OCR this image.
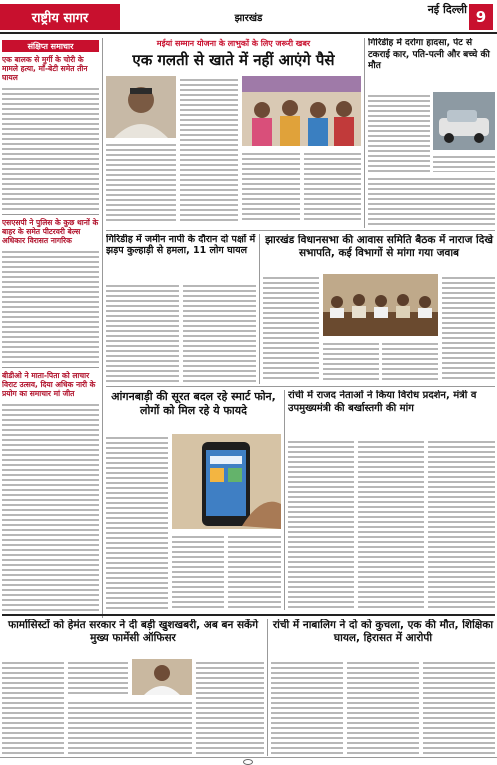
राष्ट्रीय सागर	झारखंड
नई दिल्ली 9
संक्षिप्त समाचार
एक बालक से मुर्गी के चोरी के मामले हत्या, माँ-बेटी समेत तीन घायल
एसएसपी ने पुलिस के कुछ थानों के बाहर के समेत पीटरवरी बेल्स अधिकार विरासत नागरिक
बीडीओ ने माता-पिता को लाचार विराट उत्सव, दिया अधिक नारी के प्रयोग का समाचार मां जीत
मईयां सम्मान योजना के लाभुकों के लिए जरूरी खबर
एक गलती से खाते में नहीं आएंगे पैसे
गिरिडीह में दरोगा हादसा, पेट से टकराई कार, पति-पत्नी और बच्चे की मौत
गिरिडीह में जमीन नापी के दौरान दो पक्षों में झड़प कुल्हाड़ी से हमला, 11 लोग घायल
झारखंड विधानसभा की आवास समिति बैठक में नाराज दिखे सभापति, कई विभागों से मांगा गया जवाब
आंगनबाड़ी की सूरत बदल रहे स्मार्ट फोन, लोगों को मिल रहे ये फायदे
रांची में राजद नेताओं ने किया विरोध प्रदर्शन, मंत्री व उपमुख्यमंत्री की बर्खास्तगी की मांग
फार्मासिस्टों को हेमंत सरकार ने दी बड़ी खुशखबरी, अब बन सकेंगे मुख्य फार्मेसी ऑफिसर
रांची में नाबालिग ने दो को कुचला, एक की मौत, शिक्षिका घायल, हिरासत में आरोपी
